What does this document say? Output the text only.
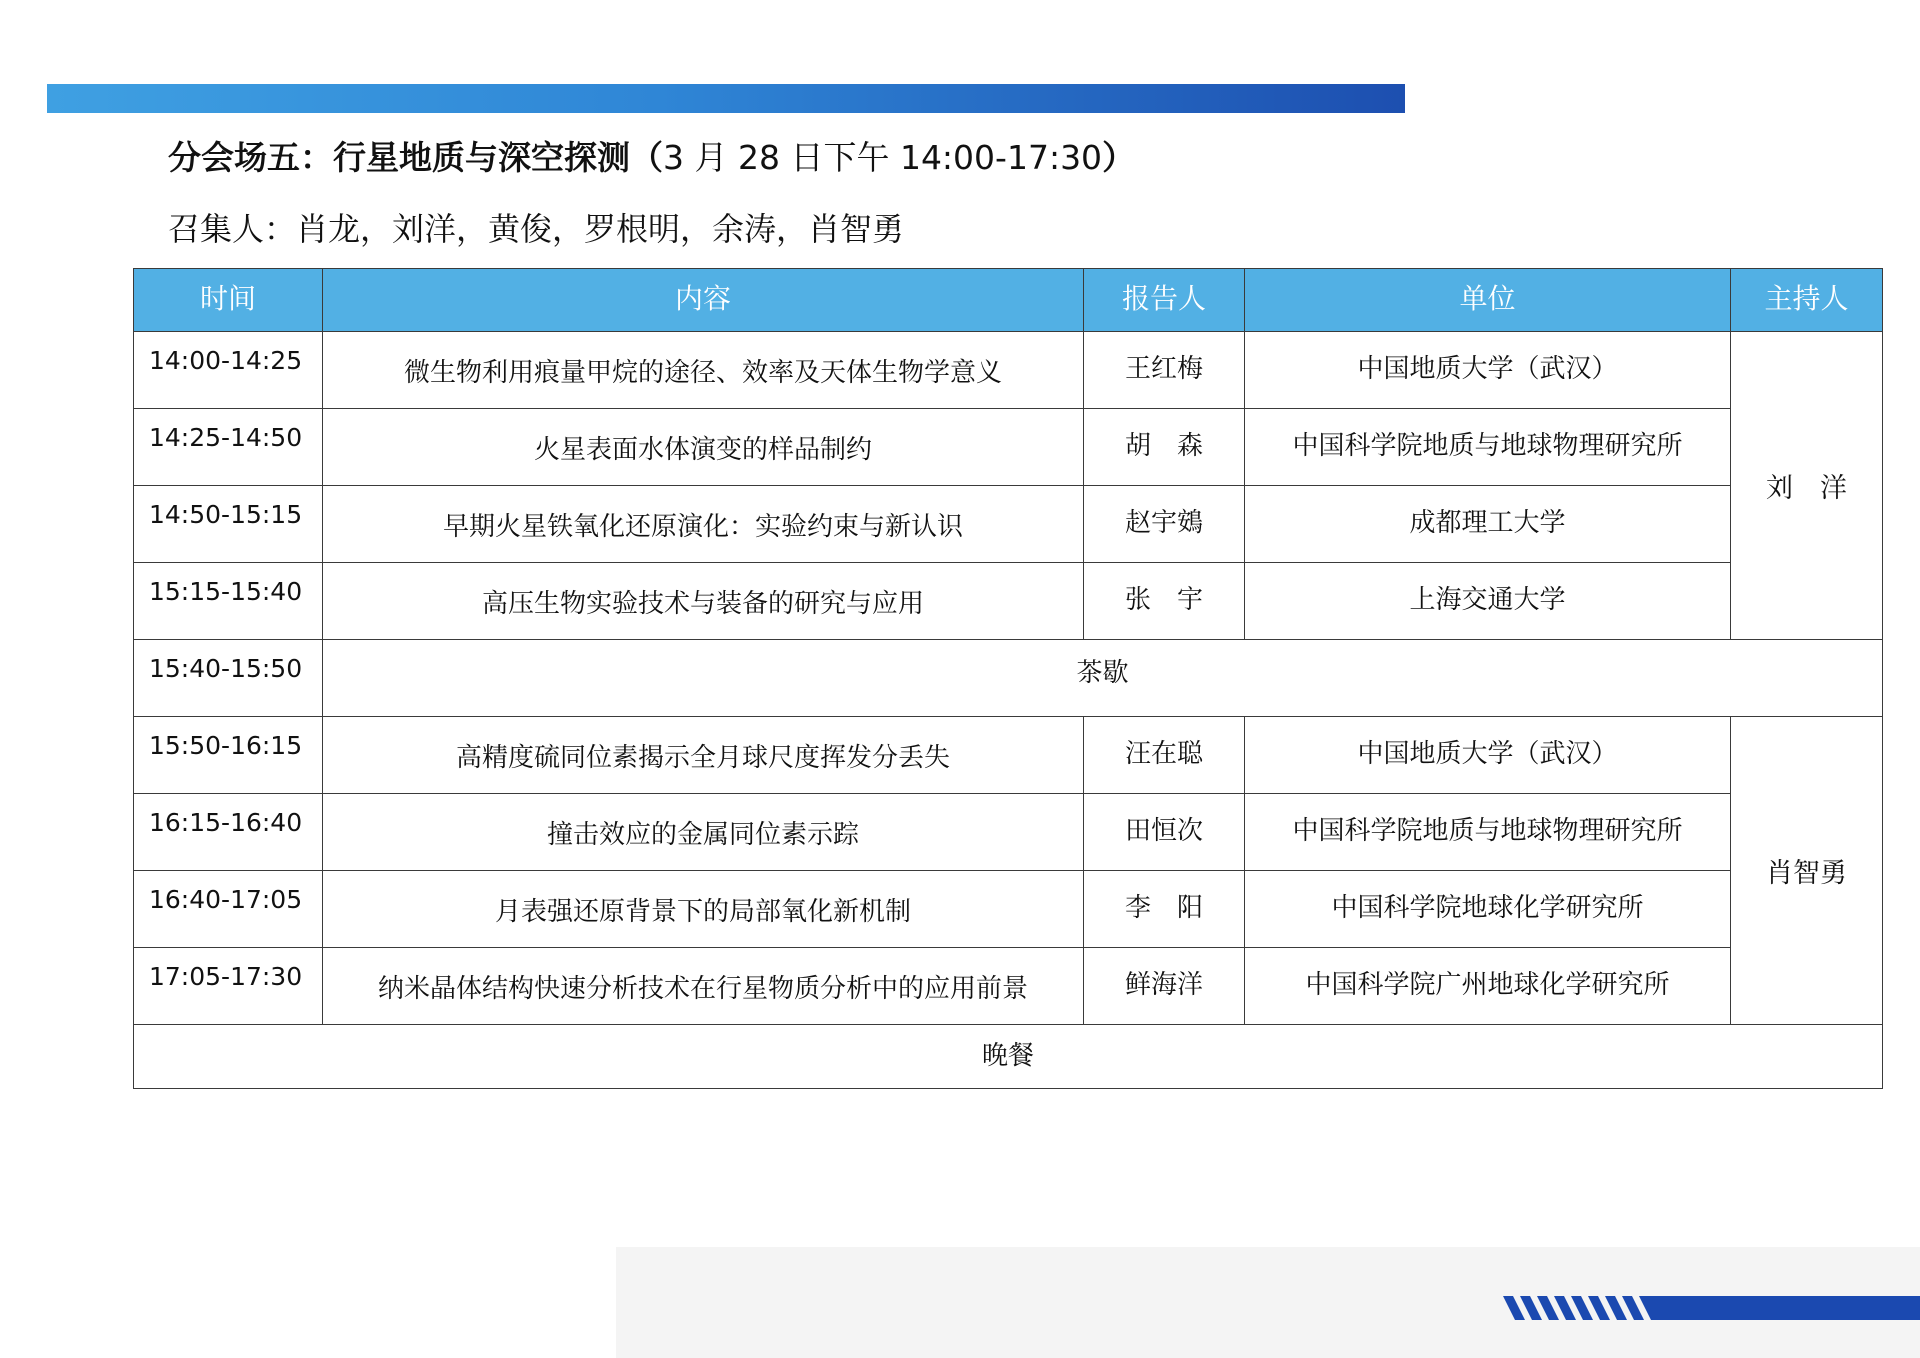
分会场五：行星地质与深空探测（3 月 28 日下午 14:00-17:30）
召集人：肖龙，刘洋，黄俊，罗根明，余涛，肖智勇
时间	内容	报告人	单位	主持人
14:00-14:25	微生物利用痕量甲烷的途径、效率及天体生物学意义	王红梅	中国地质大学（武汉）	刘　洋
14:25-14:50	火星表面水体演变的样品制约	胡　森	中国科学院地质与地球物理研究所	
14:50-15:15	早期火星铁氧化还原演化：实验约束与新认识	赵宇鴳	成都理工大学	
15:15-15:40	高压生物实验技术与装备的研究与应用	张　宇	上海交通大学	
15:40-15:50	茶歇			
15:50-16:15	高精度硫同位素揭示全月球尺度挥发分丢失	汪在聪	中国地质大学（武汉）	肖智勇
16:15-16:40	撞击效应的金属同位素示踪	田恒次	中国科学院地质与地球物理研究所	
16:40-17:05	月表强还原背景下的局部氧化新机制	李　阳	中国科学院地球化学研究所	
17:05-17:30	纳米晶体结构快速分析技术在行星物质分析中的应用前景	鲜海洋	中国科学院广州地球化学研究所	
晚餐				
